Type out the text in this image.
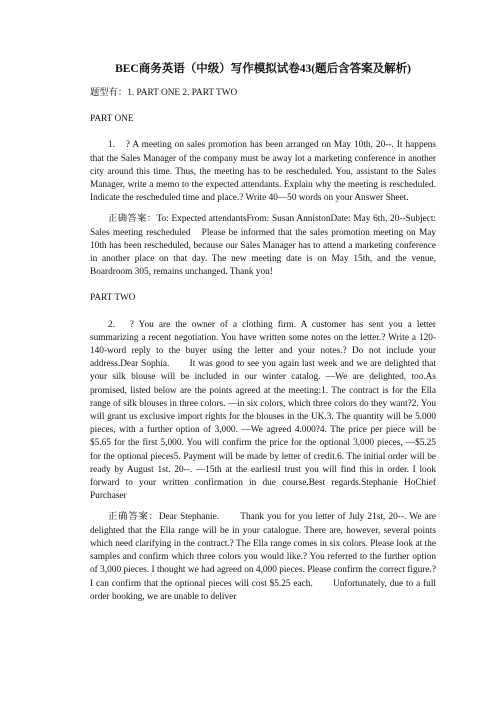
BEC商务英语（中级）写作模拟试卷43(题后含答案及解析)

题型有：1. PART ONE 2. PART TWO

PART ONE

1.　? A meeting on sales promotion has been arranged on May 10th, 20--. It happens that the Sales Manager of the company must be away lot a marketing conference in another city around this time. Thus, the meeting has to be rescheduled. You, assistant to the Sales Manager, write a memo to the expected attendants. Explain why the meeting is rescheduled.　　Indicate the rescheduled time and place.? Write 40—50 words on your Answer Sheet.

正确答案：To: Expected attendantsFrom: Susan AnnistonDate: May 6th, 20--Subject: Sales meeting rescheduled　Please be informed that the sales promotion meeting on May 10th has been rescheduled, because our Sales Manager has to attend a marketing conference in another place on that day. The new meeting date is on May 15th, and the venue, Boardroom 305, remains unchanged. Thank you!

PART TWO

2.　? You are the owner of a clothing firm. A customer has sent you a letter summarizing a recent negotiation. You have written some notes on the letter.? Write a 120-140-word reply to the buyer using the letter and your notes.? Do not include your address.Dear Sophia.　　It was good to see you again last week and we are delighted that your silk blouse will be included in our winter catalog. —We are delighted, too.As promised, listed below are the points agreed at the meeting:1. The contract is for the Ella range of silk blouses in three colors. —in six colors, which three colors do they want?2. You will grant us exclusive import rights for the blouses in the UK.3. The quantity will be 5.000 pieces, with a further option of 3,000. —We agreed 4.000?4. The price per piece will be $5.65 for the first 5,000. You will confirm the price for the optional 3,000 pieces, —$5.25 for the optional pieces5. Payment will be made by letter of credit.6. The initial order will be ready by August 1st. 20--. —15th at the earliestI trust you will find this in order. I look forward to your written confirmation in due course.Best regards.Stephanie HoChief Purchaser

正确答案：Dear Stephanie.　　Thank you for you letter of July 21st, 20--. We are delighted that the Ella range will be in your catalogue. There are, however, several points which need clarifying in the contract.? The Ella range comes in six colors. Please look at the samples and confirm which three colors you would like.? You referred to the further option of 3,000 pieces. I thought we had agreed on 4,000 pieces. Please confirm the correct figure.? I can confirm that the optional pieces will cost $5.25 each.　　Unfortunately, due to a full order booking, we are unable to deliver
